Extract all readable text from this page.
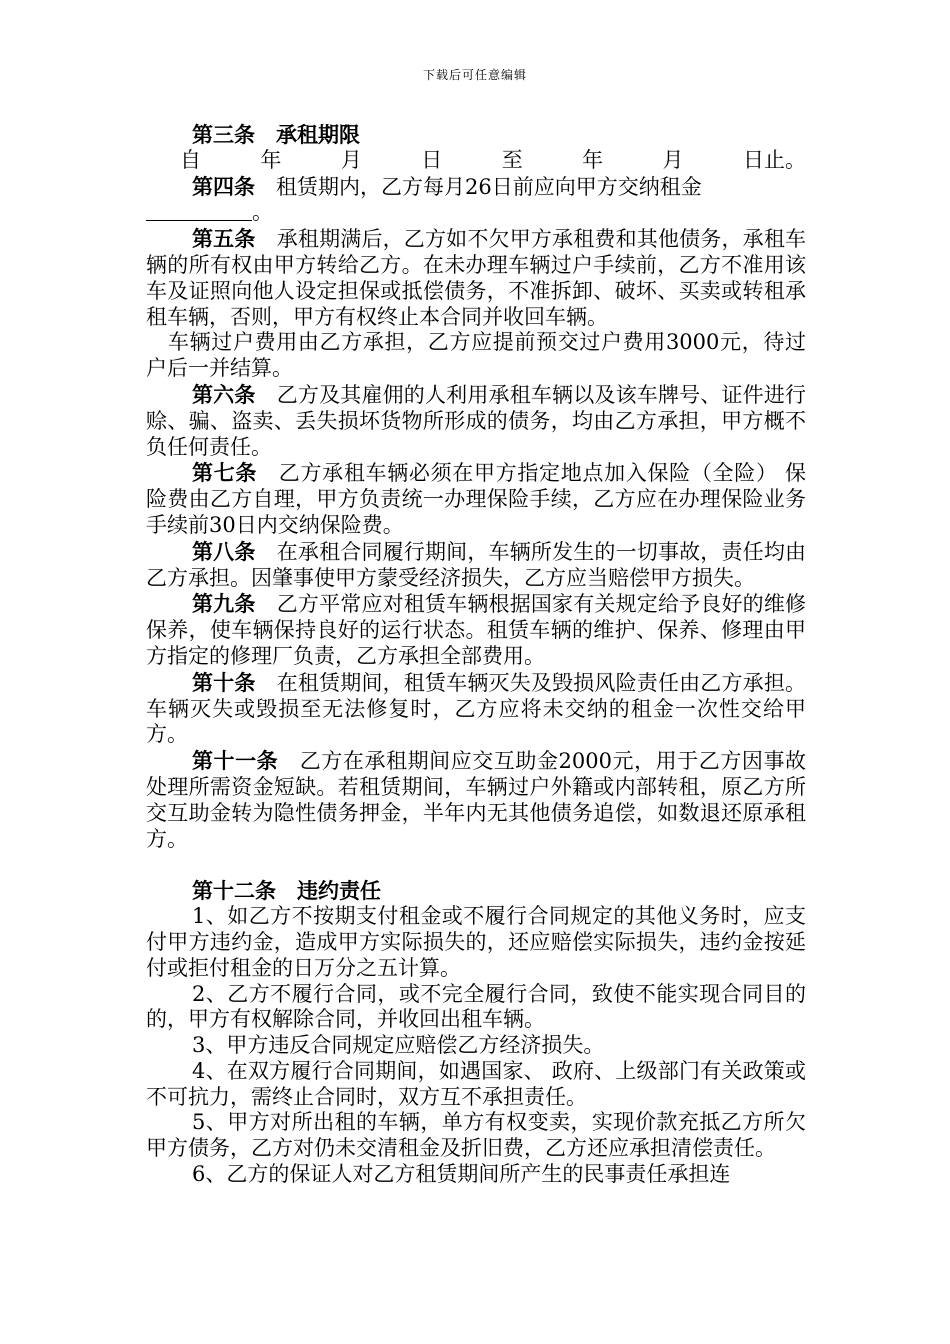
下载后可任意编辑

第三条　承租期限

自	年	月	日	至	年	月	日止。

第四条　租赁期内，乙方每月26日前应向甲方交纳租金

。

第五条　承租期满后，乙方如不欠甲方承租费和其他债务，承租车辆的所有权由甲方转给乙方。在未办理车辆过户手续前，乙方不准用该车及证照向他人设定担保或抵偿债务，不准拆卸、破坏、买卖或转租承租车辆，否则，甲方有权终止本合同并收回车辆。

车辆过户费用由乙方承担，乙方应提前预交过户费用3000元，待过户后一并结算。

第六条　乙方及其雇佣的人利用承租车辆以及该车牌号、证件进行赊、骗、盗卖、丢失损坏货物所形成的债务，均由乙方承担，甲方概不负任何责任。

第七条　乙方承租车辆必须在甲方指定地点加入保险（全险） 保险费由乙方自理，甲方负责统一办理保险手续，乙方应在办理保险业务手续前30日内交纳保险费。

第八条　在承租合同履行期间，车辆所发生的一切事故，责任均由乙方承担。因肇事使甲方蒙受经济损失，乙方应当赔偿甲方损失。

第九条　乙方平常应对租赁车辆根据国家有关规定给予良好的维修保养，使车辆保持良好的运行状态。租赁车辆的维护、保养、修理由甲方指定的修理厂负责，乙方承担全部费用。

第十条　在租赁期间，租赁车辆灭失及毁损风险责任由乙方承担。车辆灭失或毁损至无法修复时，乙方应将未交纳的租金一次性交给甲方。

第十一条　乙方在承租期间应交互助金2000元，用于乙方因事故处理所需资金短缺。若租赁期间，车辆过户外籍或内部转租，原乙方所交互助金转为隐性债务押金，半年内无其他债务追偿，如数退还原承租方。

第十二条　违约责任

1、如乙方不按期支付租金或不履行合同规定的其他义务时，应支付甲方违约金，造成甲方实际损失的，还应赔偿实际损失，违约金按延付或拒付租金的日万分之五计算。

2、乙方不履行合同，或不完全履行合同，致使不能实现合同目的的，甲方有权解除合同，并收回出租车辆。

3、甲方违反合同规定应赔偿乙方经济损失。

4、在双方履行合同期间，如遇国家、 政府、上级部门有关政策或不可抗力，需终止合同时，双方互不承担责任。

5、甲方对所出租的车辆，单方有权变卖，实现价款充抵乙方所欠甲方债务，乙方对仍未交清租金及折旧费，乙方还应承担清偿责任。

6、乙方的保证人对乙方租赁期间所产生的民事责任承担连
